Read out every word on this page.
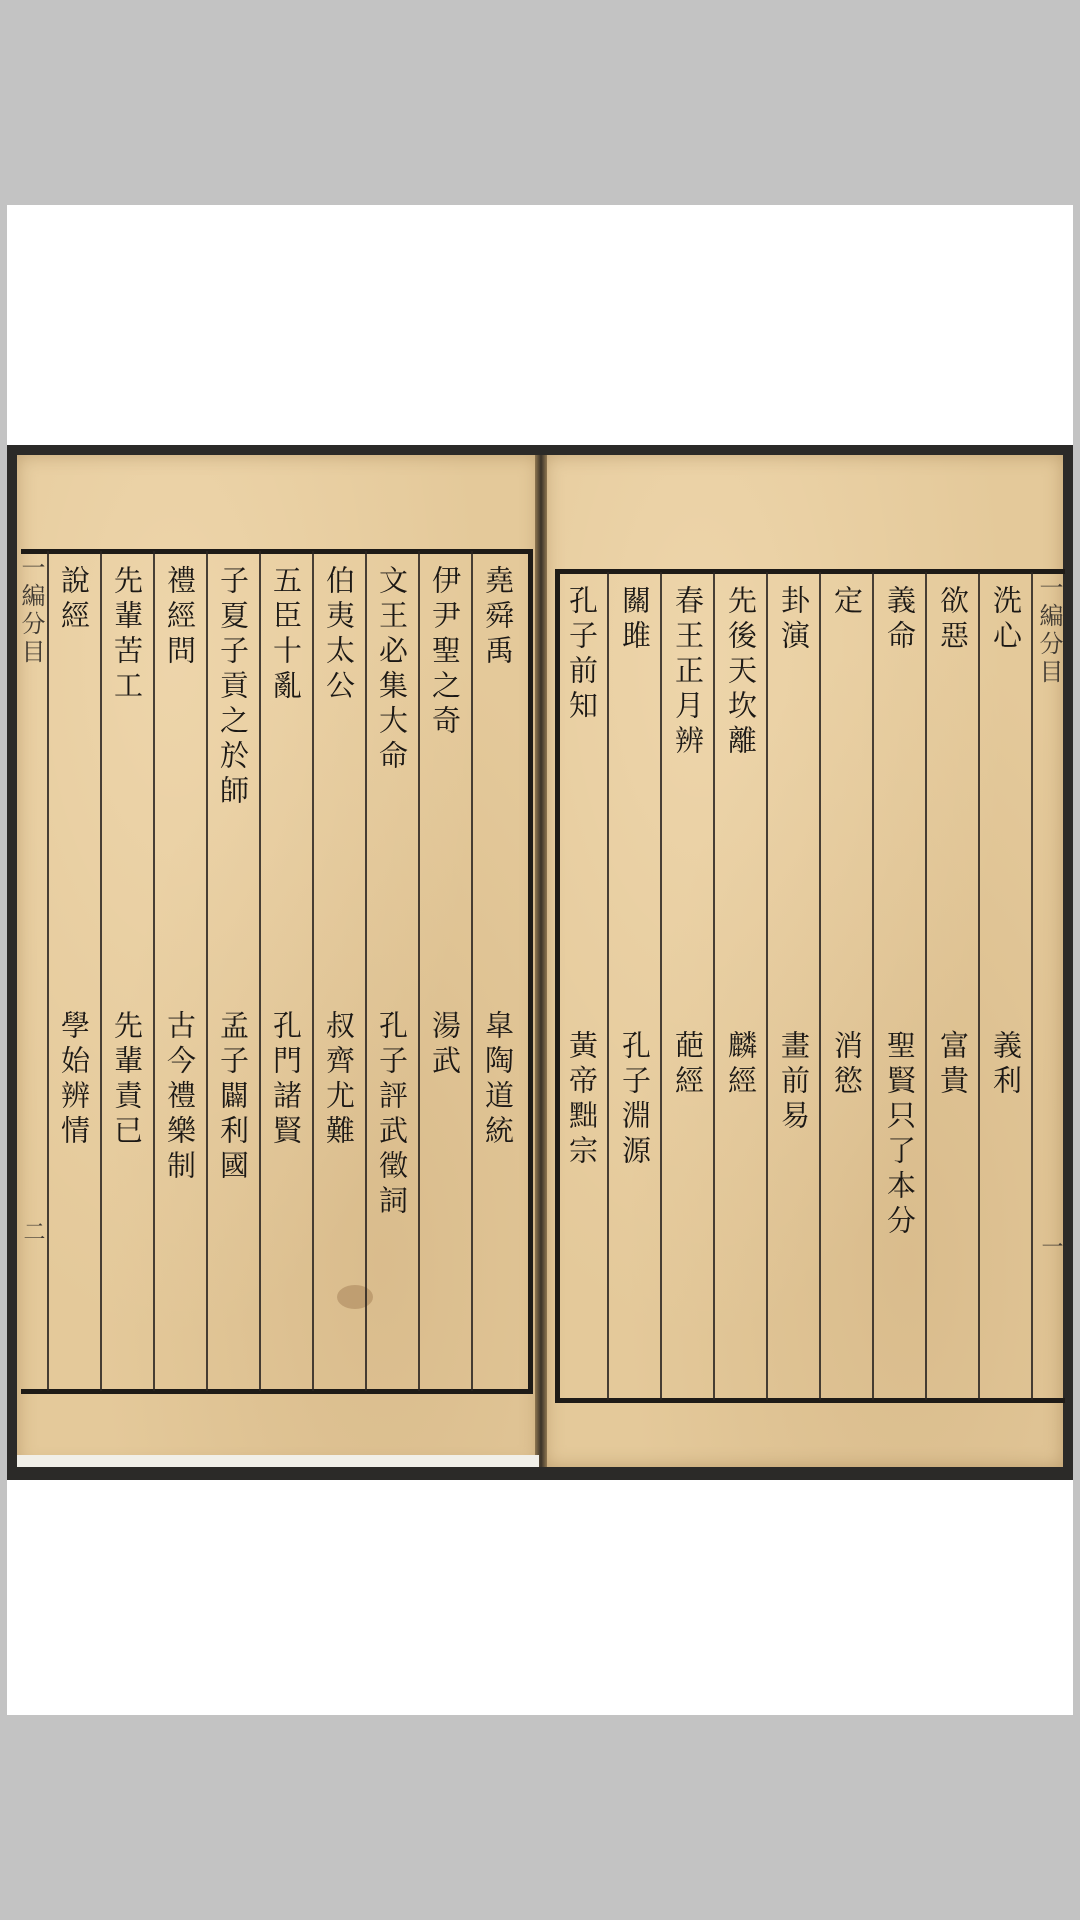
堯舜禹
皐陶道統
伊尹聖之奇
湯武
文王必集大命
孔子評武徵詞
伯夷太公
叔齊尤難
五臣十亂
孔門諸賢
子夏子貢之於師
孟子闢利國
禮經問
古今禮樂制
先輩苦工
先輩責已
說經
學始辨情
一編分目
二
洗心
義利
欲惡
富貴
義命
聖賢只了本分
定
消慾
卦演
畫前易
先後天坎離
麟經
春王正月辨
葩經
關雎
孔子淵源
孔子前知
黃帝黜宗
一編分目
一
